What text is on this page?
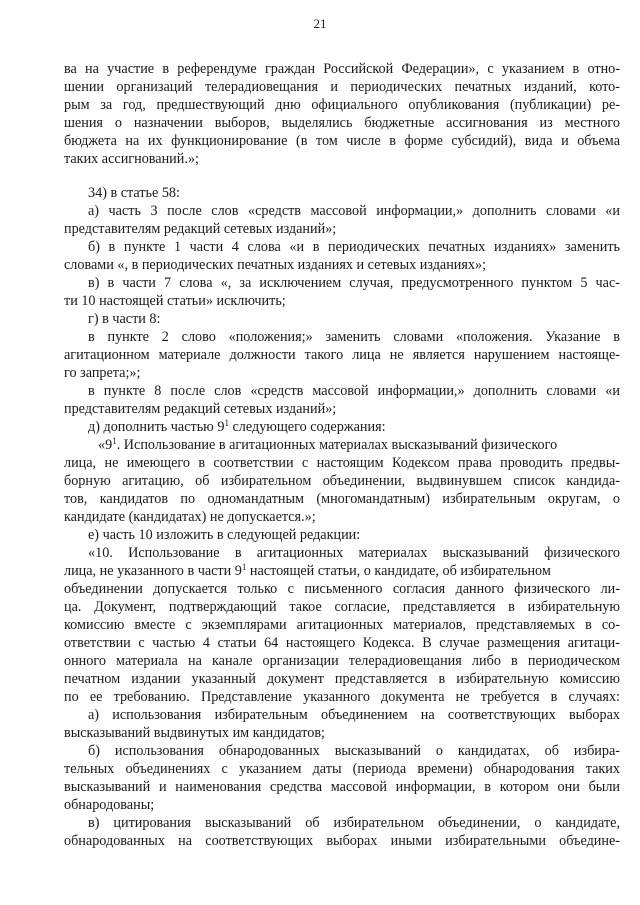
21
ва на участие в референдуме граждан Российской Федерации», с указанием в отно-
шении организаций телерадиовещания и периодических печатных изданий, кото-
рым за год, предшествующий дню официального опубликования (публикации) ре-
шения о назначении выборов, выделялись бюджетные ассигнования из местного
бюджета на их функционирование (в том числе в форме субсидий), вида и объема
таких ассигнований.»;
34) в статье 58:
а) часть 3 после слов «средств массовой информации,» дополнить словами «и
представителям редакций сетевых изданий»;
б) в пункте 1 части 4 слова «и в периодических печатных изданиях» заменить
словами «, в периодических печатных изданиях и сетевых изданиях»;
в) в части 7 слова «, за исключением случая, предусмотренного пунктом 5 час-
ти 10 настоящей статьи» исключить;
г) в части 8:
в пункте 2 слово «положения;» заменить словами «положения. Указание в
агитационном материале должности такого лица не является нарушением настояще-
го запрета;»;
в пункте 8 после слов «средств массовой информации,» дополнить словами «и
представителям редакций сетевых изданий»;
д) дополнить частью $9^1$ следующего содержания:
«$9^1$. Использование в агитационных материалах высказываний физического
лица, не имеющего в соответствии с настоящим Кодексом права проводить предвы-
борную агитацию, об избирательном объединении, выдвинувшем список кандида-
тов, кандидатов по одномандатным (многомандатным) избирательным округам, о
кандидате (кандидатах) не допускается.»;
е) часть 10 изложить в следующей редакции:
«10. Использование в агитационных материалах высказываний физического
лица, не указанного в части $9^1$ настоящей статьи, о кандидате, об избирательном
объединении допускается только с письменного согласия данного физического ли-
ца. Документ, подтверждающий такое согласие, представляется в избирательную
комиссию вместе с экземплярами агитационных материалов, представляемых в со-
ответствии с частью 4 статьи 64 настоящего Кодекса. В случае размещения агитаци-
онного материала на канале организации телерадиовещания либо в периодическом
печатном издании указанный документ представляется в избирательную комиссию
по ее требованию. Представление указанного документа не требуется в случаях:
а) использования избирательным объединением на соответствующих выборах
высказываний выдвинутых им кандидатов;
б) использования обнародованных высказываний о кандидатах, об избира-
тельных объединениях с указанием даты (периода времени) обнародования таких
высказываний и наименования средства массовой информации, в котором они были
обнародованы;
в) цитирования высказываний об избирательном объединении, о кандидате,
обнародованных на соответствующих выборах иными избирательными объедине-
